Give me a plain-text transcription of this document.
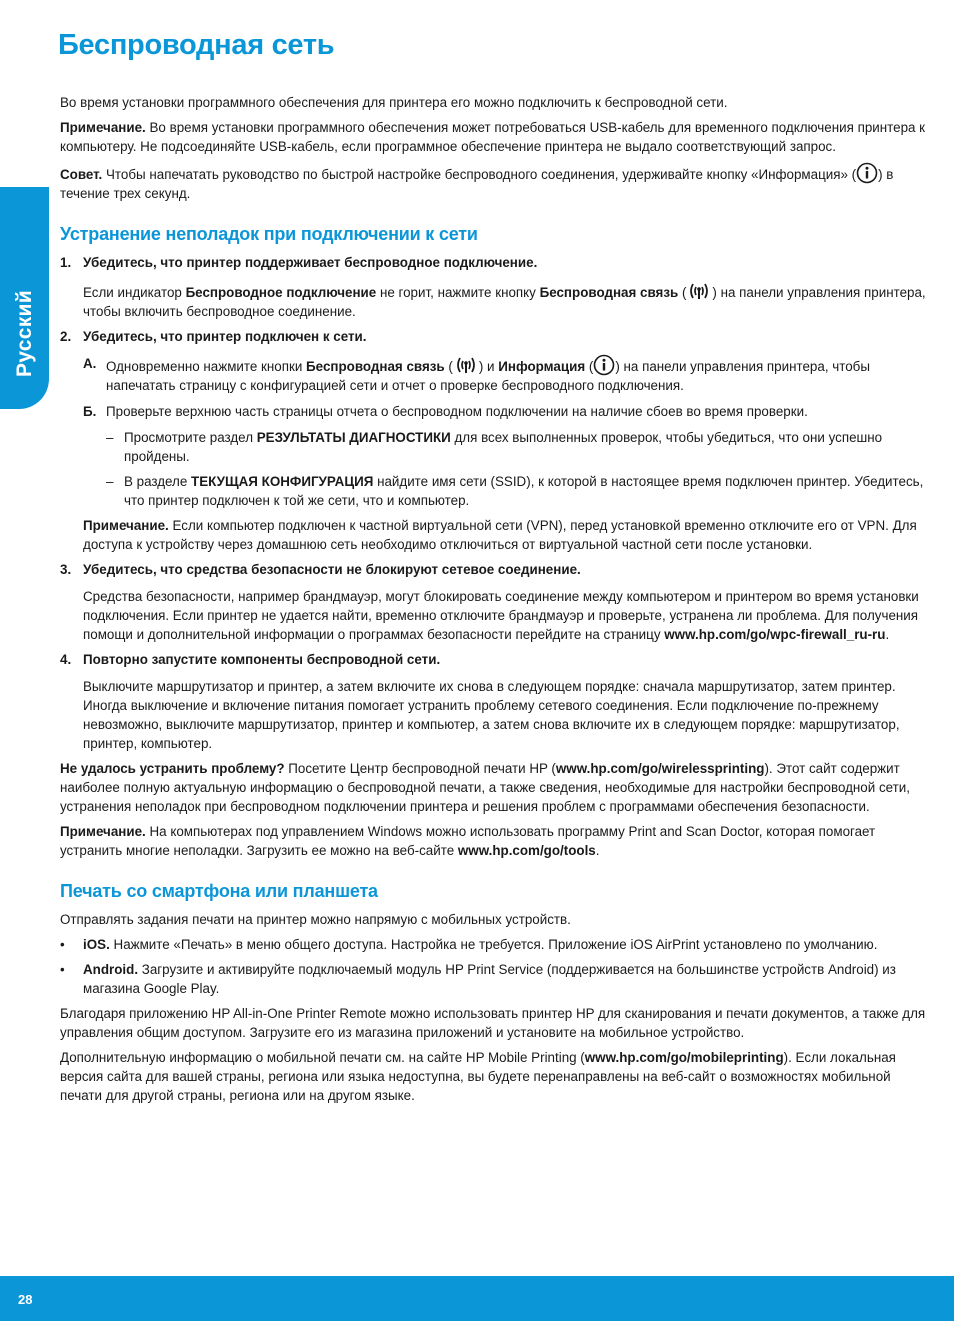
Беспроводная сеть
Русский

Во время установки программного обеспечения для принтера его можно подключить к беспроводной сети.

Примечание. Во время установки программного обеспечения может потребоваться USB-кабель для временного подключения принтера к компьютеру. Не подсоединяйте USB-кабель, если программное обеспечение принтера не выдало соответствующий запрос.

Совет. Чтобы напечатать руководство по быстрой настройке беспроводного соединения, удерживайте кнопку «Информация» ( ) в течение трех секунд.

Устранение неполадок при подключении к сети
1. Убедитесь, что принтер поддерживает беспроводное подключение.

Если индикатор Беспроводное подключение не горит, нажмите кнопку Беспроводная связь ( ) на панели управления принтера, чтобы включить беспроводное соединение.

2. Убедитесь, что принтер подключен к сети.
A. Одновременно нажмите кнопки Беспроводная связь ( ) и Информация ( ) на панели управления принтера, чтобы напечатать страницу с конфигурацией сети и отчет о проверке беспроводного подключения.
Б. Проверьте верхнюю часть страницы отчета о беспроводном подключении на наличие сбоев во время проверки.
– Просмотрите раздел РЕЗУЛЬТАТЫ ДИАГНОСТИКИ для всех выполненных проверок, чтобы убедиться, что они успешно пройдены.
– В разделе ТЕКУЩАЯ КОНФИГУРАЦИЯ найдите имя сети (SSID), к которой в настоящее время подключен принтер. Убедитесь, что принтер подключен к той же сети, что и компьютер.

Примечание. Если компьютер подключен к частной виртуальной сети (VPN), перед установкой временно отключите его от VPN. Для доступа к устройству через домашнюю сеть необходимо отключиться от виртуальной частной сети после установки.

3. Убедитесь, что средства безопасности не блокируют сетевое соединение.

Средства безопасности, например брандмауэр, могут блокировать соединение между компьютером и принтером во время установки подключения. Если принтер не удается найти, временно отключите брандмауэр и проверьте, устранена ли проблема. Для получения помощи и дополнительной информации о программах безопасности перейдите на страницу www.hp.com/go/wpc-firewall_ru-ru.

4. Повторно запустите компоненты беспроводной сети.

Выключите маршрутизатор и принтер, а затем включите их снова в следующем порядке: сначала маршрутизатор, затем принтер. Иногда выключение и включение питания помогает устранить проблему сетевого соединения. Если подключение по-прежнему невозможно, выключите маршрутизатор, принтер и компьютер, а затем снова включите их в следующем порядке: маршрутизатор, принтер, компьютер.

Не удалось устранить проблему? Посетите Центр беспроводной печати HP (www.hp.com/go/wirelessprinting). Этот сайт содержит наиболее полную актуальную информацию о беспроводной печати, а также сведения, необходимые для настройки беспроводной сети, устранения неполадок при беспроводном подключении принтера и решения проблем с программами обеспечения безопасности.

Примечание. На компьютерах под управлением Windows можно использовать программу Print and Scan Doctor, которая помогает устранить многие неполадки. Загрузить ее можно на веб-сайте www.hp.com/go/tools.

Печать со смартфона или планшета

Отправлять задания печати на принтер можно напрямую с мобильных устройств.

•	iOS. Нажмите «Печать» в меню общего доступа. Настройка не требуется. Приложение iOS AirPrint установлено по умолчанию.
•	Android. Загрузите и активируйте подключаемый модуль HP Print Service (поддерживается на большинстве устройств Android) из магазина Google Play.

Благодаря приложению HP All-in-One Printer Remote можно использовать принтер HP для сканирования и печати документов, а также для управления общим доступом. Загрузите его из магазина приложений и установите на мобильное устройство.

Дополнительную информацию о мобильной печати см. на сайте HP Mobile Printing (www.hp.com/go/mobileprinting). Если локальная версия сайта для вашей страны, региона или языка недоступна, вы будете перенаправлены на веб-сайт о возможностях мобильной печати для другой страны, региона или на другом языке.

28
